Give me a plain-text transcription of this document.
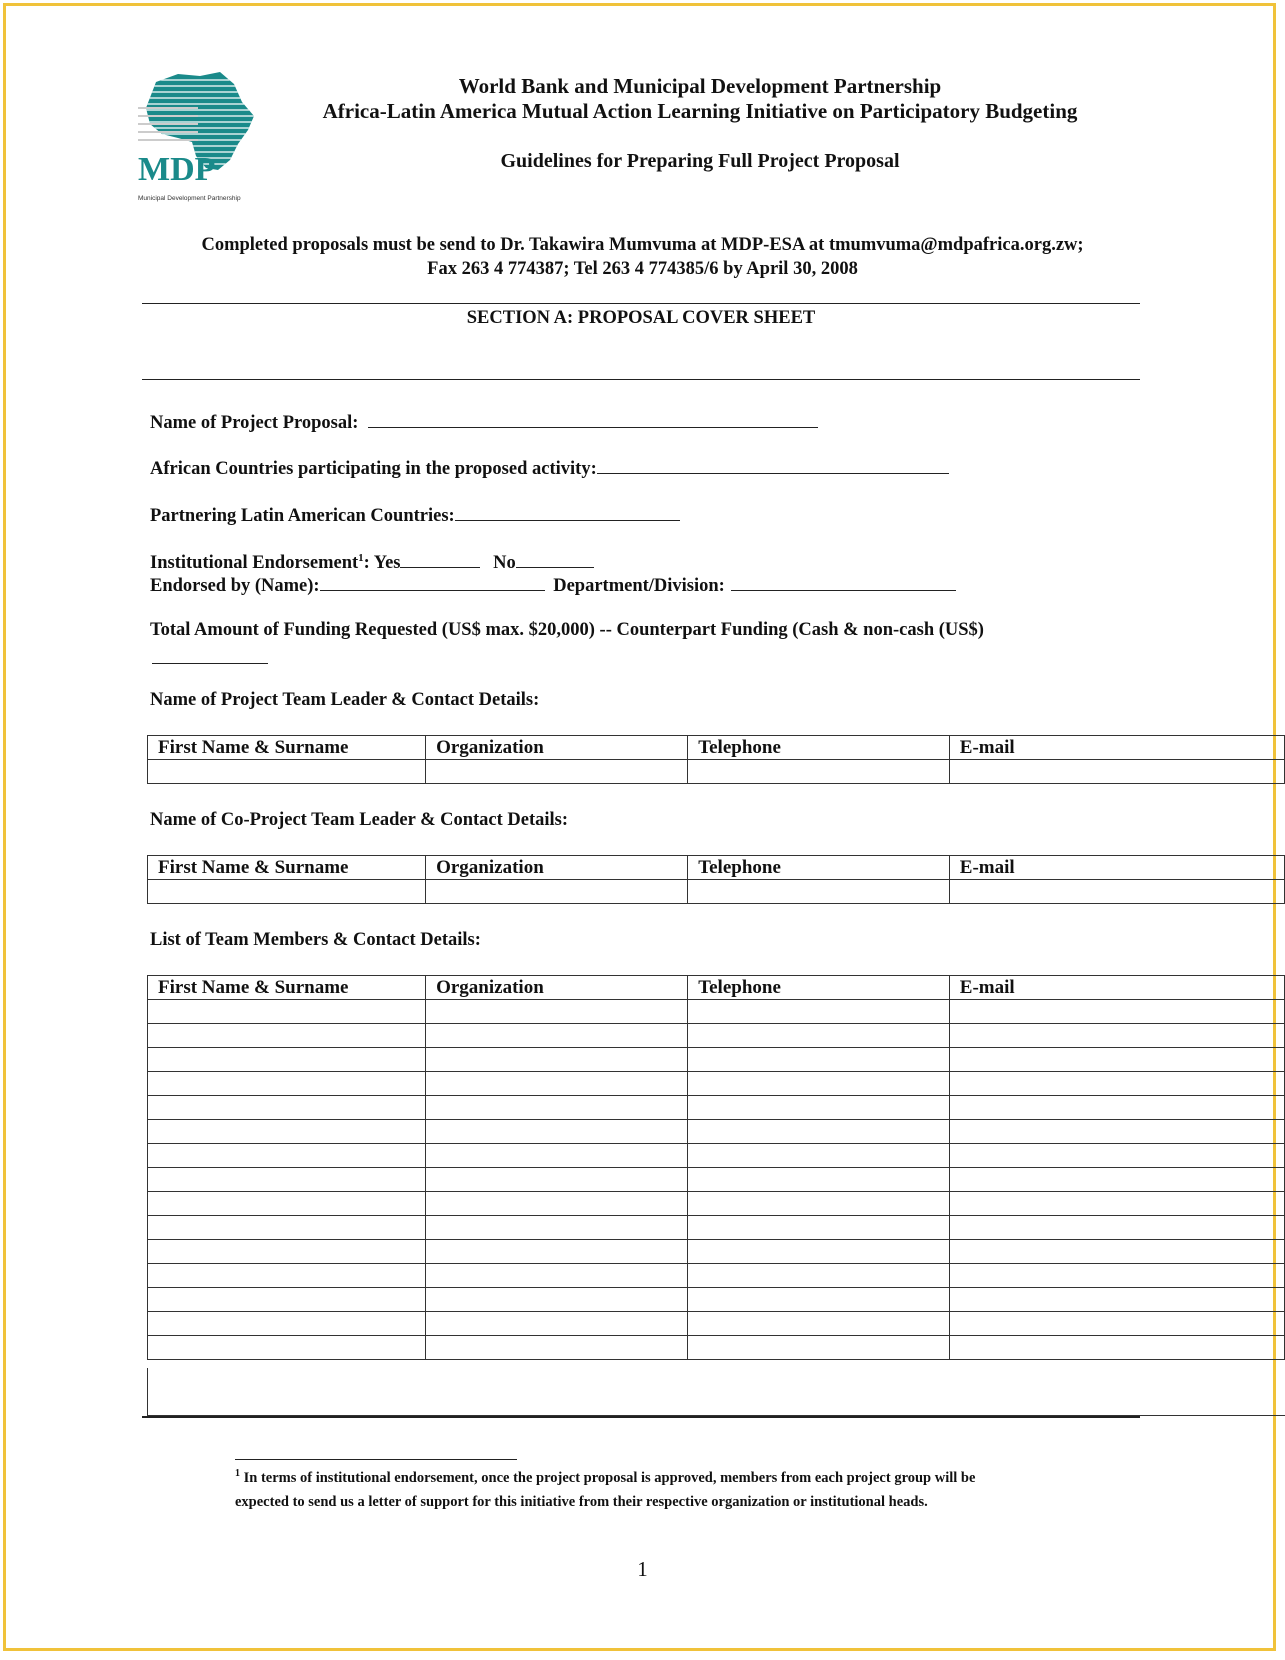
MDP
Municipal Development Partnership
World Bank and Municipal Development Partnership
Africa-Latin America Mutual Action Learning Initiative on Participatory Budgeting
Guidelines for Preparing Full Project Proposal
Completed proposals must be send to Dr. Takawira Mumvuma at MDP-ESA at tmumvuma@mdpafrica.org.zw;
Fax 263 4 774387; Tel 263 4 774385/6 by April 30, 2008
SECTION A: PROPOSAL COVER SHEET
Name of Project Proposal:
African Countries participating in the proposed activity:
Partnering Latin American Countries:
Institutional Endorsement$^1$: Yes	No
Endorsed by (Name):	Department/Division:
Total Amount of Funding Requested (US$ max. $20,000) -- Counterpart Funding (Cash & non-cash (US$)
Name of Project Team Leader & Contact Details:
First Name & Surname	Organization	Telephone	E-mail

Name of Co-Project Team Leader & Contact Details:
First Name & Surname	Organization	Telephone	E-mail

List of Team Members & Contact Details:
First Name & Surname	Organization	Telephone	E-mail

$^1$ In terms of institutional endorsement, once the project proposal is approved, members from each project group will be
expected to send us a letter of support for this initiative from their respective organization or institutional heads.
1
